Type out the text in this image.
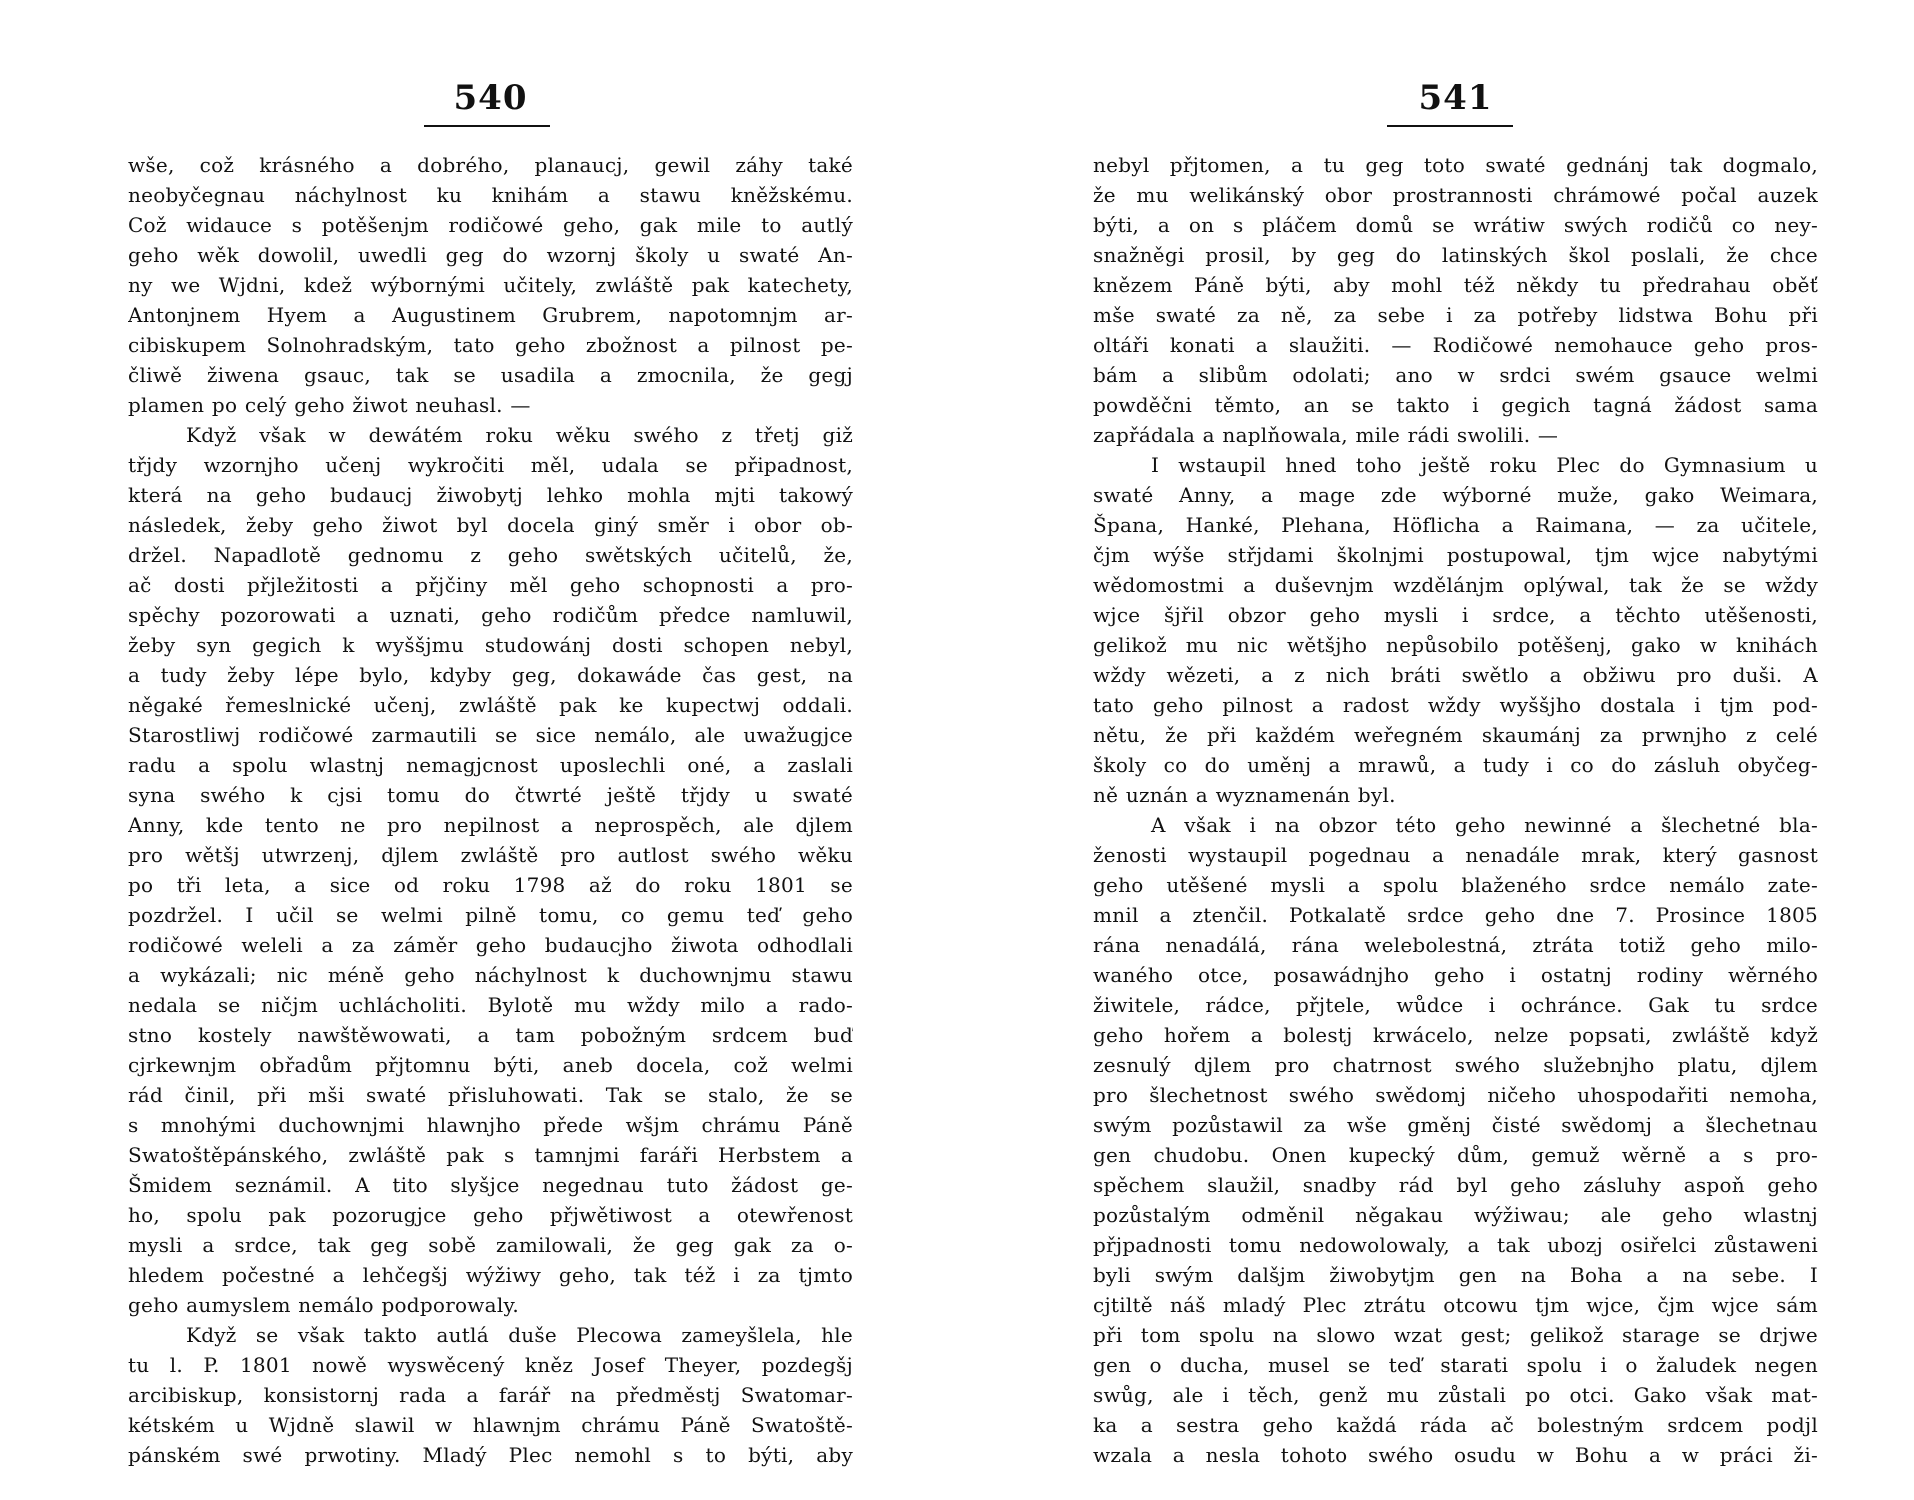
540
wše, což krásného a dobrého, planaucj, gewil záhy také
neobyčegnau náchylnost ku knihám a stawu kněžskému.
Což widauce s potěšenjm rodičowé geho, gak mile to autlý
geho wěk dowolil, uwedli geg do wzornj školy u swaté An-
ny we Wjdni, kdež wýbornými učitely, zwláště pak katechety,
Antonjnem Hyem a Augustinem Grubrem, napotomnjm ar-
cibiskupem Solnohradským, tato geho zbožnost a pilnost pe-
čliwě žiwena gsauc, tak se usadila a zmocnila, že gegj
plamen po celý geho žiwot neuhasl. —
Když však w dewátém roku wěku swého z třetj giž
třjdy wzornjho učenj wykročiti měl, udala se připadnost,
která na geho budaucj žiwobytj lehko mohla mjti takowý
následek, žeby geho žiwot byl docela giný směr i obor ob-
držel. Napadlotě gednomu z geho swětských učitelů, že,
ač dosti přjležitosti a přjčiny měl geho schopnosti a pro-
spěchy pozorowati a uznati, geho rodičům předce namluwil,
žeby syn gegich k wyššjmu studowánj dosti schopen nebyl,
a tudy žeby lépe bylo, kdyby geg, dokawáde čas gest, na
něgaké řemeslnické učenj, zwláště pak ke kupectwj oddali.
Starostliwj rodičowé zarmautili se sice nemálo, ale uwažugjce
radu a spolu wlastnj nemagjcnost uposlechli oné, a zaslali
syna swého k cjsi tomu do čtwrté ještě třjdy u swaté
Anny, kde tento ne pro nepilnost a neprospěch, ale djlem
pro wětšj utwrzenj, djlem zwláště pro autlost swého wěku
po tři leta, a sice od roku 1798 až do roku 1801 se
pozdržel. I učil se welmi pilně tomu, co gemu teď geho
rodičowé weleli a za záměr geho budaucjho žiwota odhodlali
a wykázali; nic méně geho náchylnost k duchownjmu stawu
nedala se ničjm uchlácholiti. Bylotě mu wždy milo a rado-
stno kostely nawštěwowati, a tam pobožným srdcem buď
cjrkewnjm obřadům přjtomnu býti, aneb docela, což welmi
rád činil, při mši swaté přisluhowati. Tak se stalo, že se
s mnohými duchownjmi hlawnjho přede wšjm chrámu Páně
Swatoštěpánského, zwláště pak s tamnjmi faráři Herbstem a
Šmidem seznámil. A tito slyšjce negednau tuto žádost ge-
ho, spolu pak pozorugjce geho přjwětiwost a otewřenost
mysli a srdce, tak geg sobě zamilowali, že geg gak za o-
hledem počestné a lehčegšj wýžiwy geho, tak též i za tjmto
geho aumyslem nemálo podporowaly.
Když se však takto autlá duše Plecowa zameyšlela, hle
tu l. P. 1801 nowě wyswěcený kněz Josef Theyer, pozdegšj
arcibiskup, konsistornj rada a farář na předměstj Swatomar-
kétském u Wjdně slawil w hlawnjm chrámu Páně Swatoště-
pánském swé prwotiny. Mladý Plec nemohl s to býti, aby
541
nebyl přjtomen, a tu geg toto swaté gednánj tak dogmalo,
že mu welikánský obor prostrannosti chrámowé počal auzek
býti, a on s pláčem domů se wrátiw swých rodičů co ney-
snažněgi prosil, by geg do latinských škol poslali, že chce
knězem Páně býti, aby mohl též někdy tu předrahau oběť
mše swaté za ně, za sebe i za potřeby lidstwa Bohu při
oltáři konati a slaužiti. — Rodičowé nemohauce geho pros-
bám a slibům odolati; ano w srdci swém gsauce welmi
powděčni těmto, an se takto i gegich tagná žádost sama
zapřádala a naplňowala, mile rádi swolili. —
I wstaupil hned toho ještě roku Plec do Gymnasium u
swaté Anny, a mage zde wýborné muže, gako Weimara,
Španа, Hanké, Plehana, Höflicha a Raimana, — za učitele,
čjm wýše střjdami školnjmi postupowal, tjm wjce nabytými
wědomostmi a duševnjm wzdělánjm oplýwal, tak že se wždy
wjce šjřil obzor geho mysli i srdce, a těchto utěšenosti,
gelikož mu nic wětšjho nepůsobilo potěšenj, gako w knihách
wždy wězeti, a z nich bráti swětlo a obžiwu pro duši. A
tato geho pilnost a radost wždy wyššjho dostala i tjm pod-
nětu, že při každém weřegném skaumánj za prwnjho z celé
školy co do uměnj a mrawů, a tudy i co do zásluh obyčeg-
ně uznán a wyznamenán byl.
A však i na obzor této geho newinné a šlechetné bla-
ženosti wystaupil pogednau a nenadále mrak, který gasnost
geho utěšené mysli a spolu blaženého srdce nemálo zate-
mnil a ztenčil. Potkalatě srdce geho dne 7. Prosince 1805
rána nenadálá, rána welebolestná, ztráta totiž geho milo-
waného otce, posawádnjho geho i ostatnj rodiny wěrného
žiwitele, rádce, přjtele, wůdce i ochránce. Gak tu srdce
geho hořem a bolestj krwácelo, nelze popsati, zwláště když
zesnulý djlem pro chatrnost swého služebnjho platu, djlem
pro šlechetnost swého swědomj ničeho uhospodařiti nemoha,
swým pozůstawil za wše gměnj čisté swědomj a šlechetnau
gen chudobu. Onen kupecký dům, gemuž wěrně a s pro-
spěchem slaužil, snadby rád byl geho zásluhy aspoň geho
pozůstalým odměnil něgakau wýžiwau; ale geho wlastnj
přjpadnosti tomu nedowolowaly, a tak ubozj osiřelci zůstaweni
byli swým dalšjm žiwobytjm gen na Boha a na sebe. I
cjtiltě náš mladý Plec ztrátu otcowu tjm wjce, čjm wjce sám
při tom spolu na slowo wzat gest; gelikož starage se drjwe
gen o ducha, musel se teď starati spolu i o žaludek negen
swůg, ale i těch, genž mu zůstali po otci. Gako však mat-
ka a sestra geho každá ráda ač bolestným srdcem podjl
wzala a nesla tohoto swého osudu w Bohu a w práci ži-
